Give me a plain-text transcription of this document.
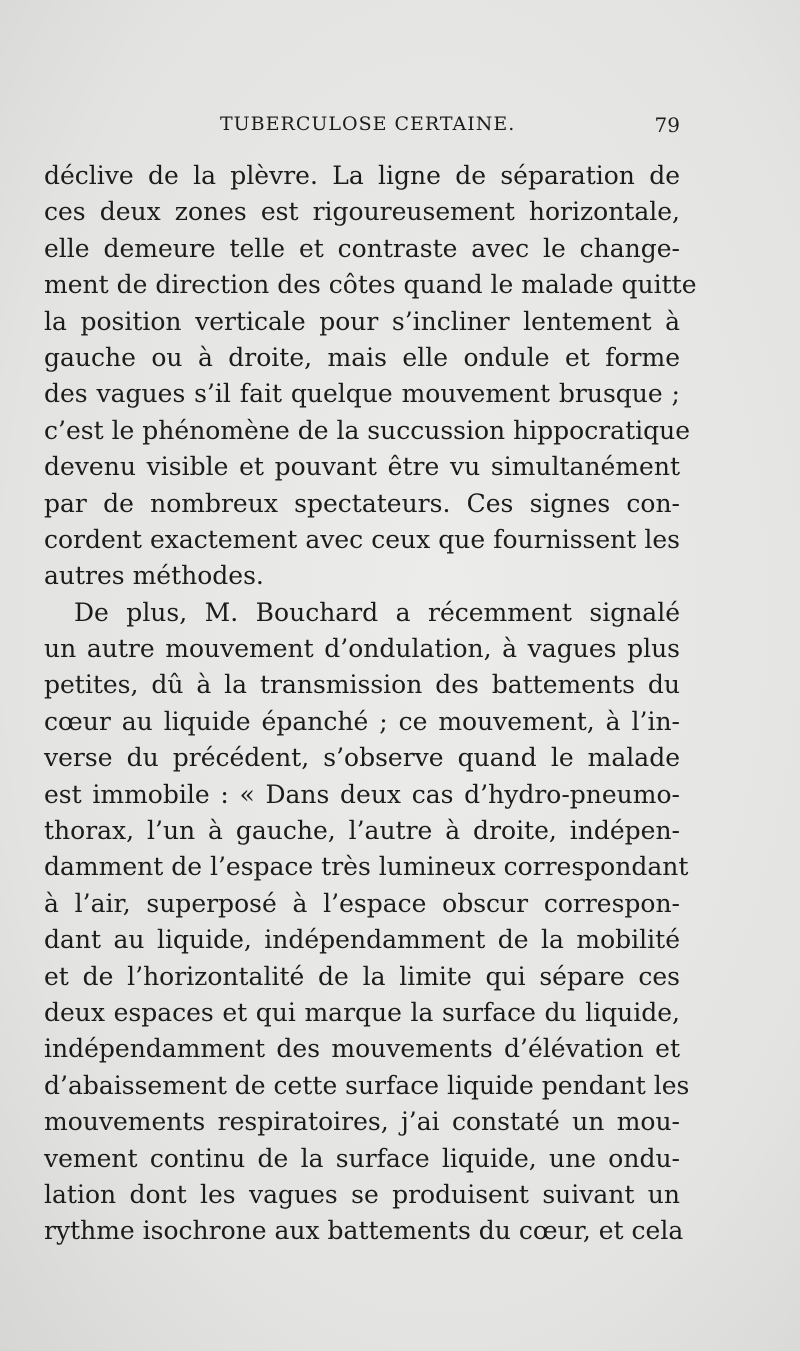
TUBERCULOSE CERTAINE.	79
déclive de la plèvre. La ligne de séparation de
ces deux zones est rigoureusement horizontale,
elle demeure telle et contraste avec le change-
ment de direction des côtes quand le malade quitte
la position verticale pour s’incliner lentement à
gauche ou à droite, mais elle ondule et forme
des vagues s’il fait quelque mouvement brusque ;
c’est le phénomène de la succussion hippocratique
devenu visible et pouvant être vu simultanément
par de nombreux spectateurs. Ces signes con-
cordent exactement avec ceux que fournissent les
autres méthodes.
De plus, M. Bouchard a récemment signalé
un autre mouvement d’ondulation, à vagues plus
petites, dû à la transmission des battements du
cœur au liquide épanché ; ce mouvement, à l’in-
verse du précédent, s’observe quand le malade
est immobile : « Dans deux cas d’hydro-pneumo-
thorax, l’un à gauche, l’autre à droite, indépen-
damment de l’espace très lumineux correspondant
à l’air, superposé à l’espace obscur correspon-
dant au liquide, indépendamment de la mobilité
et de l’horizontalité de la limite qui sépare ces
deux espaces et qui marque la surface du liquide,
indépendamment des mouvements d’élévation et
d’abaissement de cette surface liquide pendant les
mouvements respiratoires, j’ai constaté un mou-
vement continu de la surface liquide, une ondu-
lation dont les vagues se produisent suivant un
rythme isochrone aux battements du cœur, et cela
